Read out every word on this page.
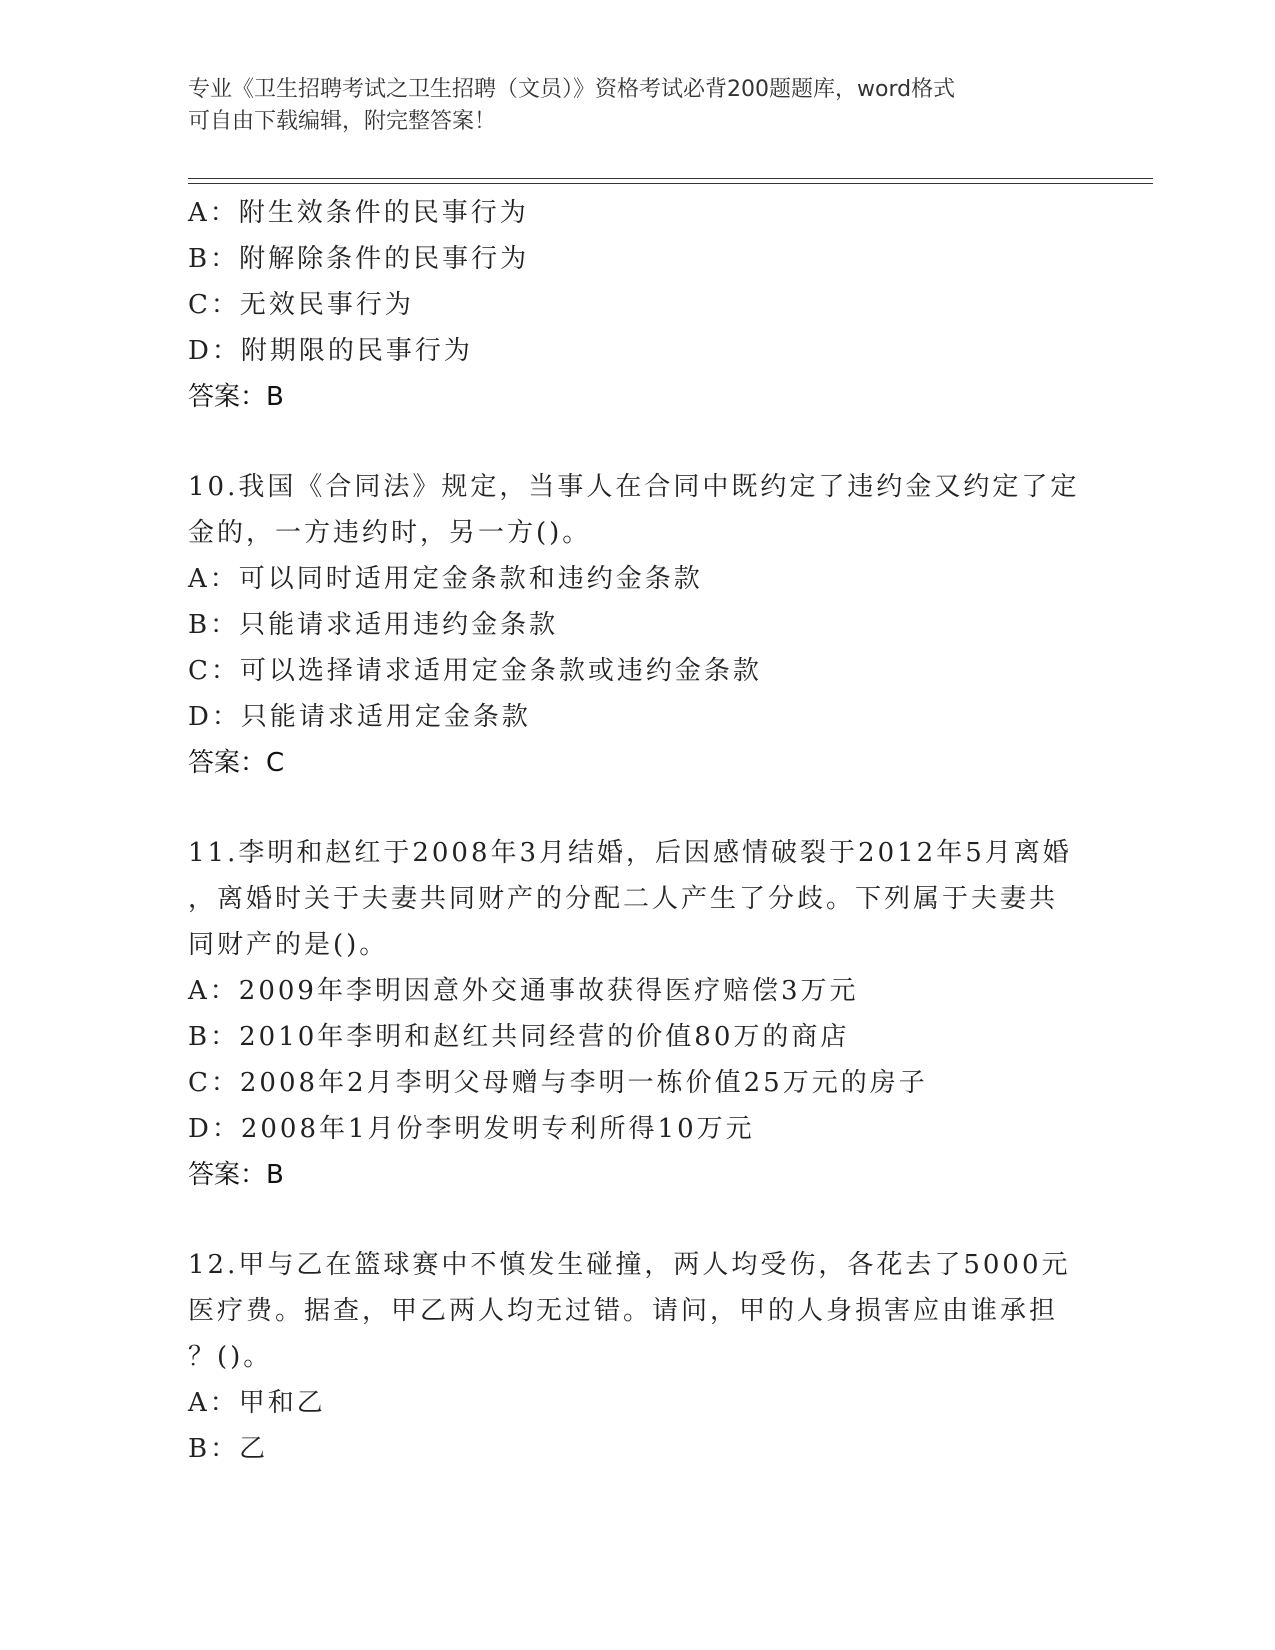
专业《卫生招聘考试之卫生招聘（文员）》资格考试必背200题题库，word格式
可自由下载编辑，附完整答案！
A：附生效条件的民事行为
B：附解除条件的民事行为
C：无效民事行为
D：附期限的民事行为
答案：B
10.我国《合同法》规定，当事人在合同中既约定了违约金又约定了定
金的，一方违约时，另一方()。
A：可以同时适用定金条款和违约金条款
B：只能请求适用违约金条款
C：可以选择请求适用定金条款或违约金条款
D：只能请求适用定金条款
答案：C
11.李明和赵红于2008年3月结婚，后因感情破裂于2012年5月离婚
，离婚时关于夫妻共同财产的分配二人产生了分歧。下列属于夫妻共
同财产的是()。
A：2009年李明因意外交通事故获得医疗赔偿3万元
B：2010年李明和赵红共同经营的价值80万的商店
C：2008年2月李明父母赠与李明一栋价值25万元的房子
D：2008年1月份李明发明专利所得10万元
答案：B
12.甲与乙在篮球赛中不慎发生碰撞，两人均受伤，各花去了5000元
医疗费。据查，甲乙两人均无过错。请问，甲的人身损害应由谁承担
？()。
A：甲和乙
B：乙
